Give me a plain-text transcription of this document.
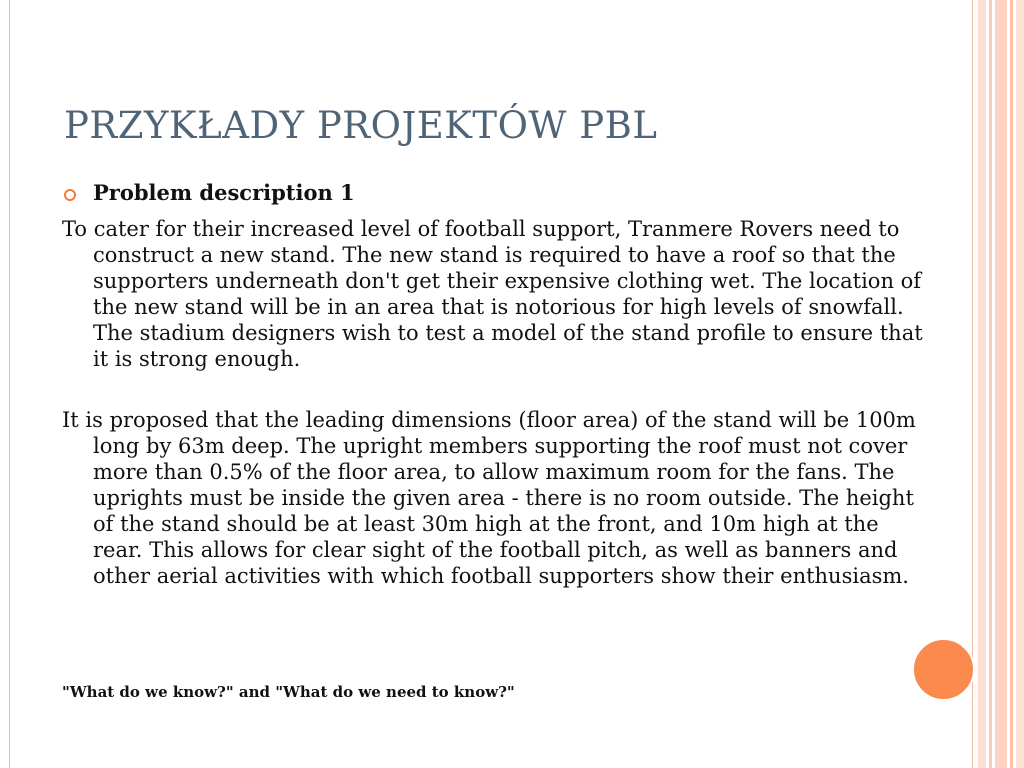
PRZYKŁADY PROJEKTÓW PBL
Problem description 1
To cater for their increased level of football support, Tranmere Rovers need to construct a new stand. The new stand is required to have a roof so that the supporters underneath don't get their expensive clothing wet. The location of the new stand will be in an area that is notorious for high levels of snowfall. The stadium designers wish to test a model of the stand profile to ensure that it is strong enough.
It is proposed that the leading dimensions (floor area) of the stand will be 100m long by 63m deep. The upright members supporting the roof must not cover more than 0.5% of the floor area, to allow maximum room for the fans. The uprights must be inside the given area - there is no room outside. The height of the stand should be at least 30m high at the front, and 10m high at the rear. This allows for clear sight of the football pitch, as well as banners and other aerial activities with which football supporters show their enthusiasm.
"What do we know?" and "What do we need to know?"
